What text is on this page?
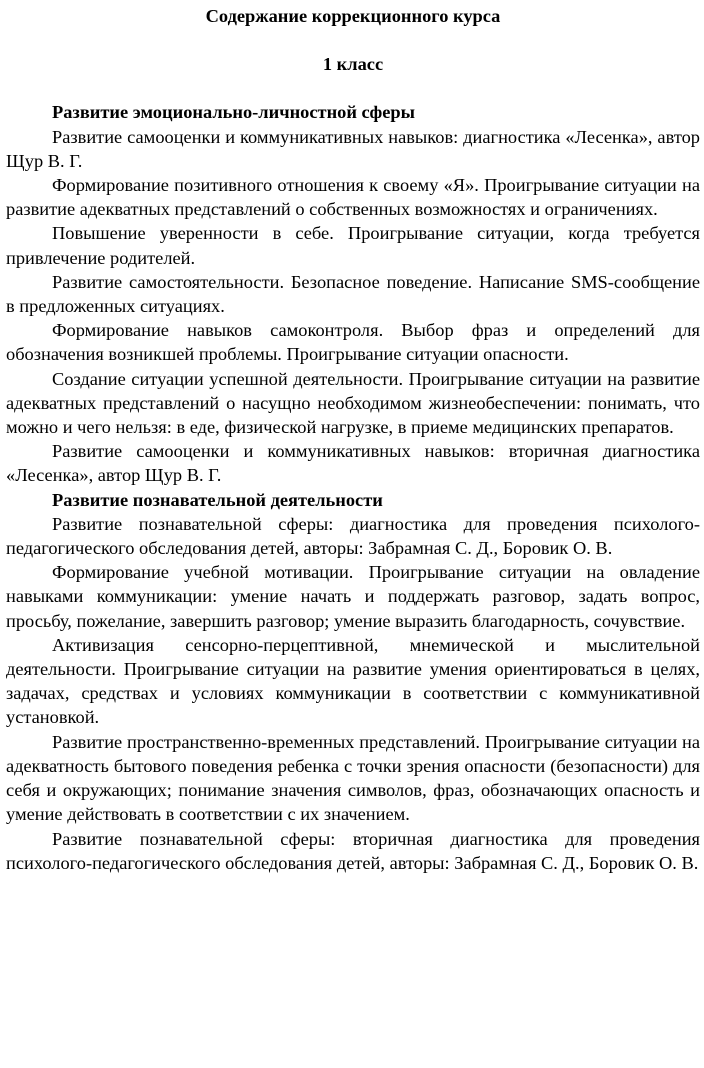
Содержание коррекционного курса

1 класс

Развитие эмоционально-личностной сферы

Развитие самооценки и коммуникативных навыков: диагностика «Лесенка», автор Щур В. Г.

Формирование позитивного отношения к своему «Я». Проигрывание ситуации на развитие адекватных представлений о собственных возможностях и ограничениях.

Повышение уверенности в себе. Проигрывание ситуации, когда требуется привлечение родителей.

Развитие самостоятельности. Безопасное поведение. Написание SMS-сообщение в предложенных ситуациях.

Формирование навыков самоконтроля. Выбор фраз и определений для обозначения возникшей проблемы. Проигрывание ситуации опасности.

Создание ситуации успешной деятельности. Проигрывание ситуации на развитие адекватных представлений о насущно необходимом жизнеобеспечении: понимать, что можно и чего нельзя: в еде, физической нагрузке, в приеме медицинских препаратов.

Развитие самооценки и коммуникативных навыков: вторичная диагностика «Лесенка», автор Щур В. Г.

Развитие познавательной деятельности

Развитие познавательной сферы: диагностика для проведения психолого-педагогического обследования детей, авторы: Забрамная С. Д., Боровик О. В.

Формирование учебной мотивации. Проигрывание ситуации на овладение навыками коммуникации: умение начать и поддержать разговор, задать вопрос, просьбу, пожелание, завершить разговор; умение выразить благодарность, сочувствие.

Активизация сенсорно-перцептивной, мнемической и мыслительной деятельности. Проигрывание ситуации на развитие умения ориентироваться в целях, задачах, средствах и условиях коммуникации в соответствии с коммуникативной установкой.

Развитие пространственно-временных представлений. Проигрывание ситуации на адекватность бытового поведения ребенка с точки зрения опасности (безопасности) для себя и окружающих; понимание значения символов, фраз, обозначающих опасность и умение действовать в соответствии с их значением.

Развитие познавательной сферы: вторичная диагностика для проведения психолого-педагогического обследования детей, авторы: Забрамная С. Д., Боровик О. В.
